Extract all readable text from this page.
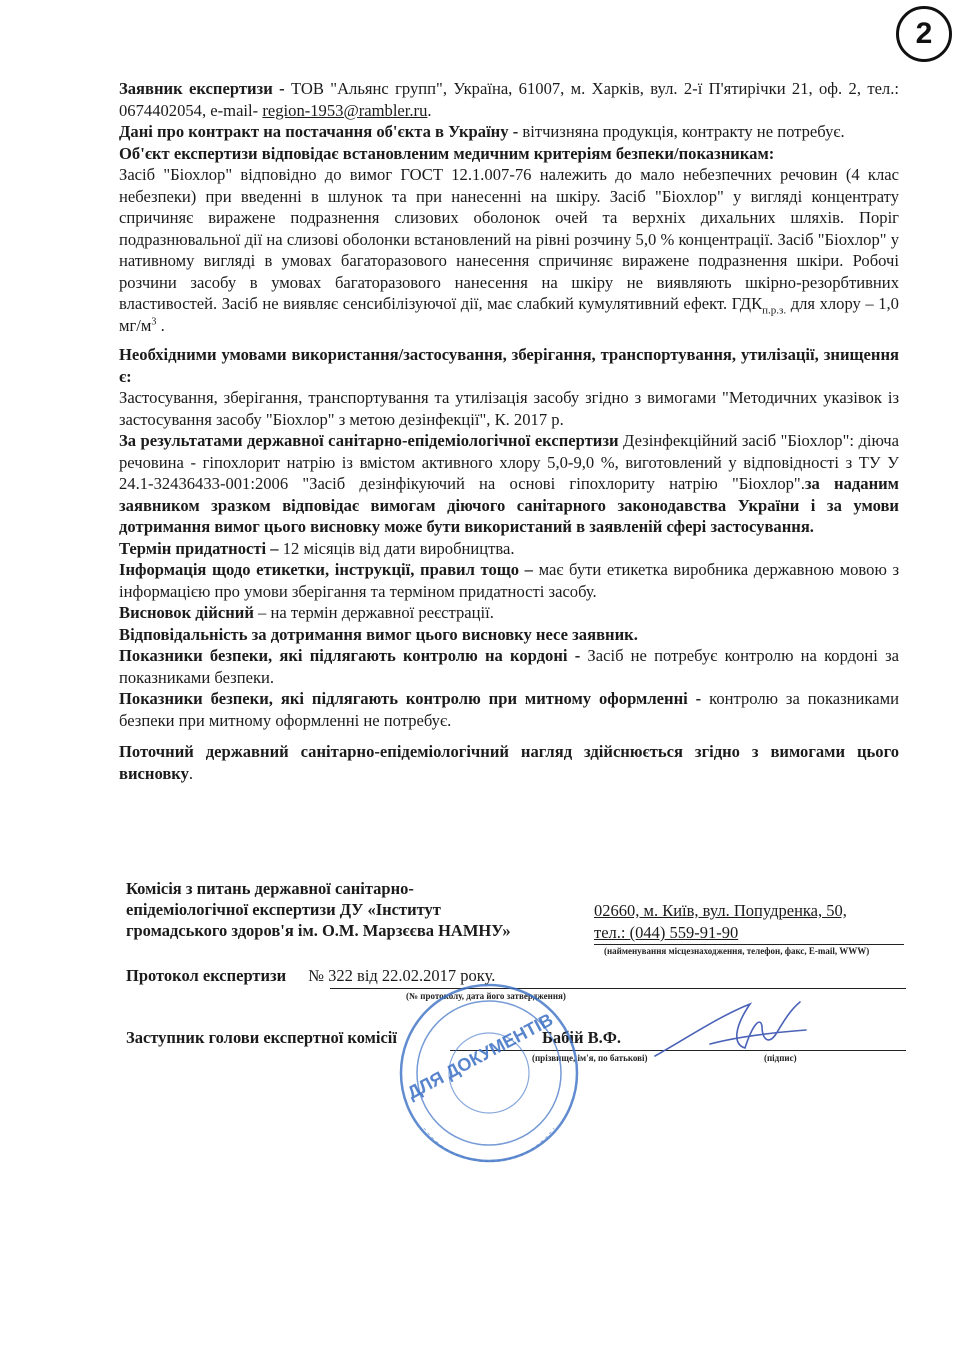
2

Заявник експертизи - ТОВ "Альянс групп", Україна, 61007, м. Харків, вул. 2-ї П'ятирічки 21, оф. 2, тел.: 0674402054, e-mail- region-1953@rambler.ru.

Дані про контракт на постачання об'єкта в Україну - вітчизняна продукція, контракту не потребує.

Об'єкт експертизи відповідає встановленим медичним критеріям безпеки/показникам:
Засіб "Біохлор" відповідно до вимог ГОСТ 12.1.007-76 належить до мало небезпечних речовин (4 клас небезпеки) при введенні в шлунок та при нанесенні на шкіру. Засіб "Біохлор" у вигляді концентрату спричиняє виражене подразнення слизових оболонок очей та верхніх дихальних шляхів. Поріг подразнювальної дії на слизові оболонки встановлений на рівні розчину 5,0 % концентрації. Засіб "Біохлор" у нативному вигляді в умовах багаторазового нанесення спричиняє виражене подразнення шкіри. Робочі розчини засобу в умовах багаторазового нанесення на шкіру не виявляють шкірно-резорбтивних властивостей. Засіб не виявляє сенсибілізуючої дії, має слабкий кумулятивний ефект. $ГДК_{п.р.з.}$ для хлору – 1,0 $мг/м^3$ .

Необхідними умовами використання/застосування, зберігання, транспортування, утилізації, знищення є:
Застосування, зберігання, транспортування та утилізація засобу згідно з вимогами "Методичних указівок із застосування засобу "Біохлор" з метою дезінфекції", К. 2017 р.

За результатами державної санітарно-епідеміологічної експертизи Дезінфекційний засіб "Біохлор": діюча речовина - гіпохлорит натрію із вмістом активного хлору 5,0-9,0 %, виготовлений у відповідності з ТУ У 24.1-32436433-001:2006 "Засіб дезінфікуючий на основі гіпохлориту натрію "Біохлор".за наданим заявником зразком відповідає вимогам діючого санітарного законодавства України і за умови дотримання вимог цього висновку може бути використаний в заявленій сфері застосування.

Термін придатності – 12 місяців від дати виробництва.

Інформація щодо етикетки, інструкції, правил тощо – має бути етикетка виробника державною мовою з інформацією про умови зберігання та терміном придатності засобу.

Висновок дійсний – на термін державної реєстрації.

Відповідальність за дотримання вимог цього висновку несе заявник.

Показники безпеки, які підлягають контролю на кордоні - Засіб не потребує контролю на кордоні за показниками безпеки.

Показники безпеки, які підлягають контролю при митному оформленні - контролю за показниками безпеки при митному оформленні не потребує.

Поточний державний санітарно-епідеміологічний нагляд здійснюється згідно з вимогами цього висновку.

Комісія з питань державної санітарно-
епідеміологічної експертизи ДУ «Інститут
громадського здоров'я ім. О.М. Марзєєва НАМНУ»
02660, м. Київ, вул. Попудренка, 50,
тел.: (044) 559-91-90
(найменування місцезнаходження, телефон, факс, E-mail, WWW)
Протокол експертизи № 322 від 22.02.2017 року.
(№ протоколу, дата його затвердження)
Заступник голови експертної комісії	Бабій В.Ф.
(прізвище, ім'я, по батькові)	(підпис)
ДЛЯ ДОКУМЕНТІВ
